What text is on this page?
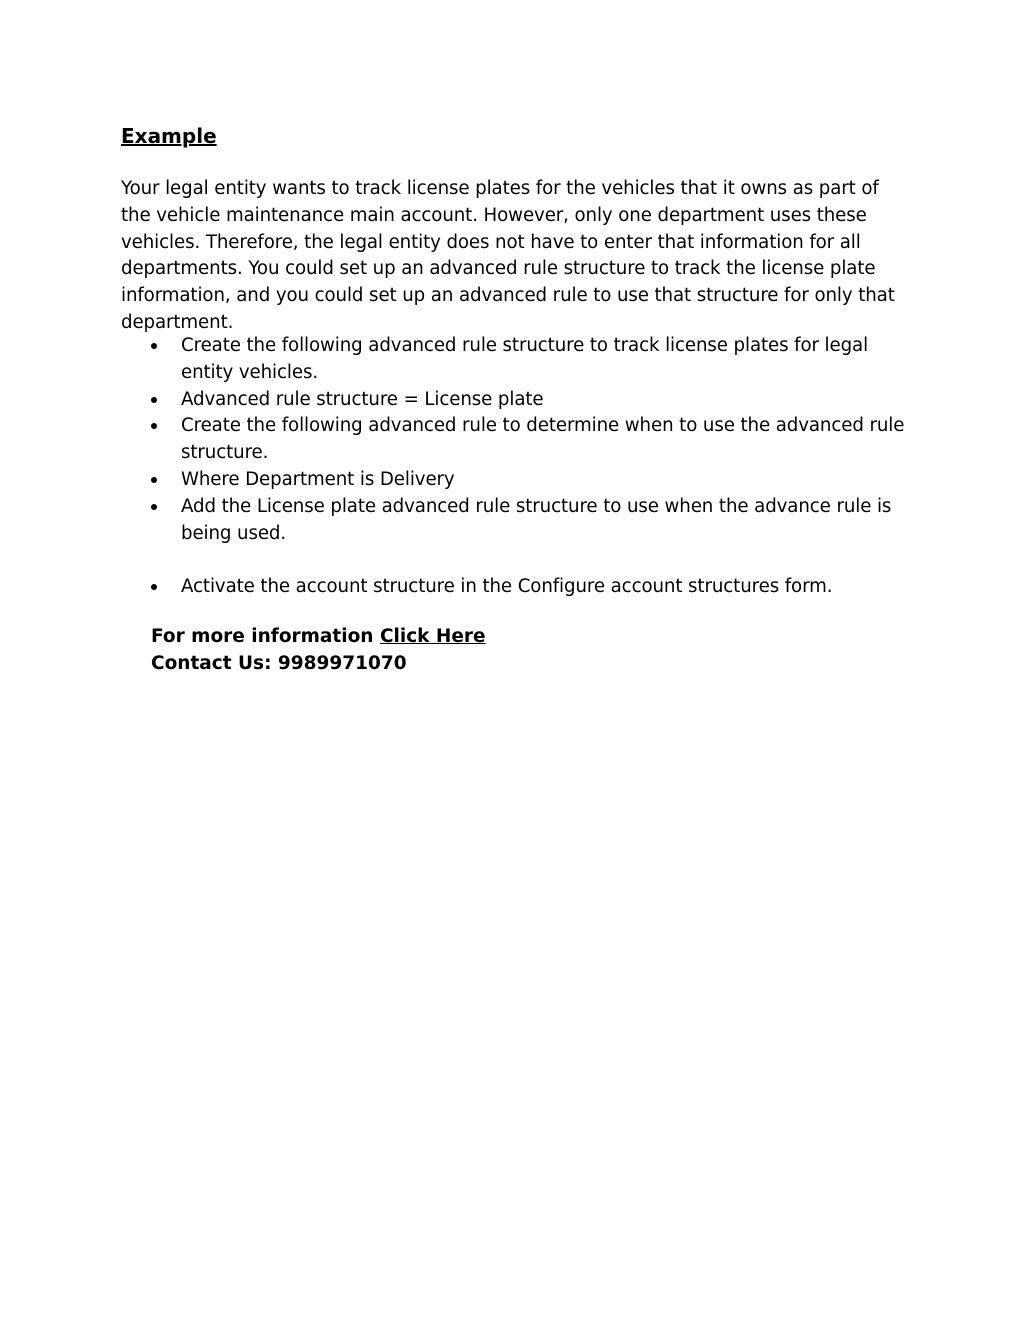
Example

Your legal entity wants to track license plates for the vehicles that it owns as part of the vehicle maintenance main account. However, only one department uses these vehicles. Therefore, the legal entity does not have to enter that information for all departments. You could set up an advanced rule structure to track the license plate information, and you could set up an advanced rule to use that structure for only that department.

Create the following advanced rule structure to track license plates for legal entity vehicles.
Advanced rule structure = License plate
Create the following advanced rule to determine when to use the advanced rule structure.
Where Department is Delivery
Add the License plate advanced rule structure to use when the advance rule is being used.
Activate the account structure in the Configure account structures form.

For more information Click Here

Contact Us: 9989971070
